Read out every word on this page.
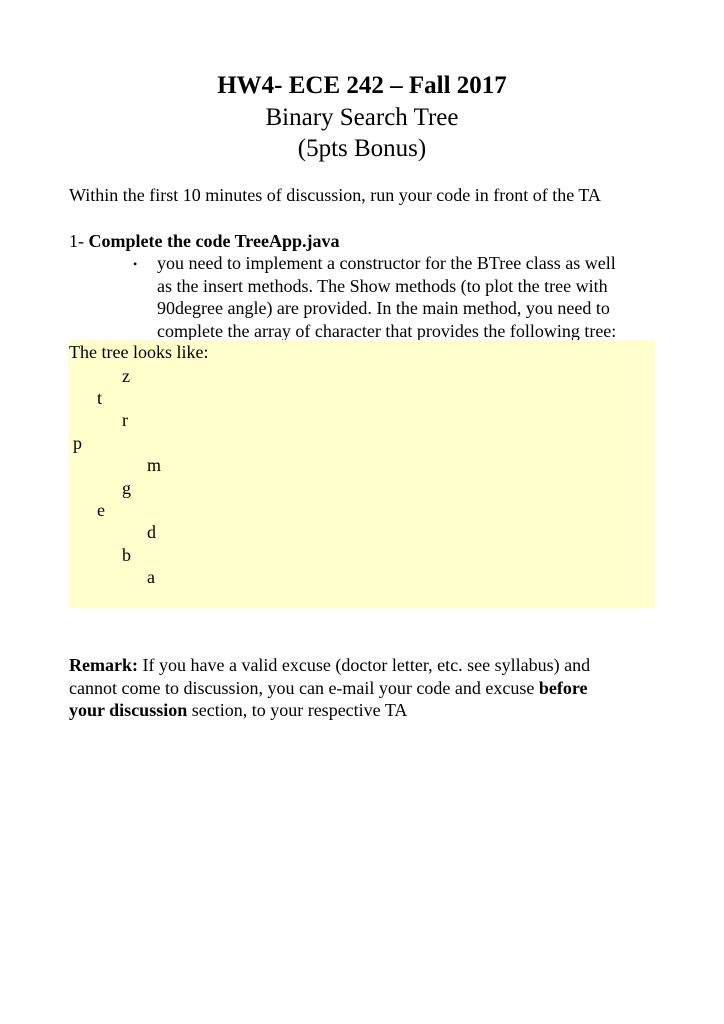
HW4- ECE 242 – Fall 2017

Binary Search Tree

(5pts Bonus)

Within the first 10 minutes of discussion, run your code in front of the TA

1- Complete the code TreeApp.java

• you need to implement a constructor for the BTree class as well

as the insert methods. The Show methods (to plot the tree with

90degree angle) are provided. In the main method, you need to

complete the array of character that provides the following tree:

The tree looks like:

z

t

r

p

m

g

e

d

b

a

Remark: If you have a valid excuse (doctor letter, etc. see syllabus) and

cannot come to discussion, you can e-mail your code and excuse before

your discussion section, to your respective TA
